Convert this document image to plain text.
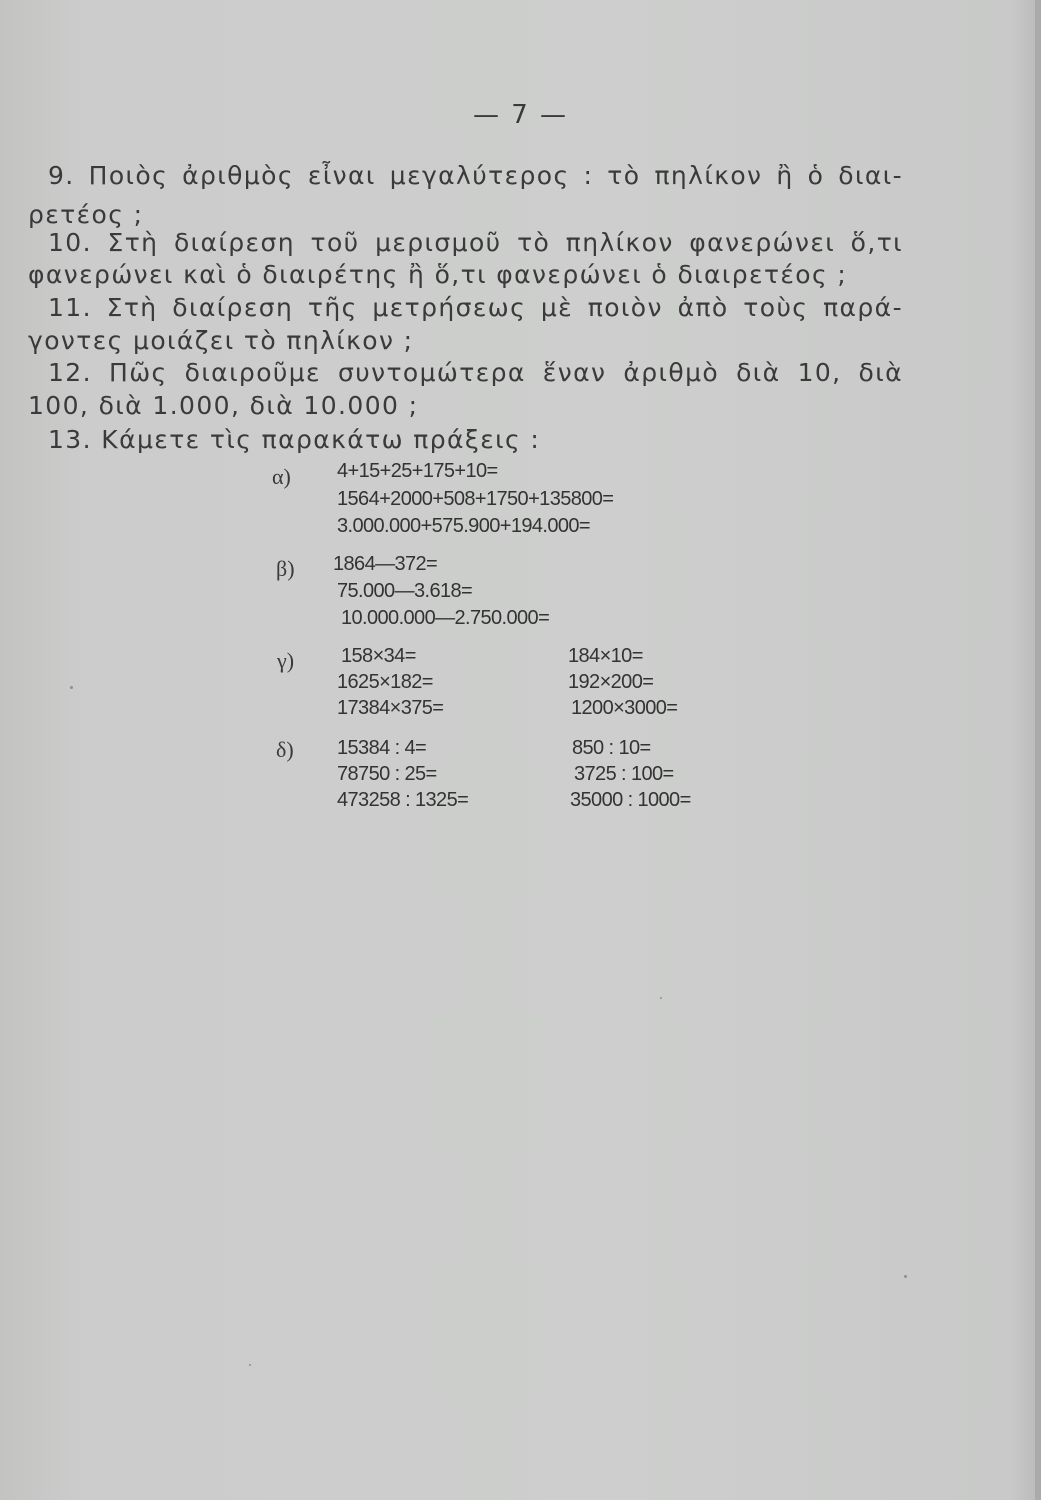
— 7 —
9. Ποιὸς ἀριθμὸς εἶναι μεγαλύτερος : τὸ πηλίκον ἢ ὁ διαι-
ρετέος ;
10. Στὴ διαίρεση τοῦ μερισμοῦ τὸ πηλίκον φανερώνει ὅ,τι
φανερώνει καὶ ὁ διαιρέτης ἢ ὅ,τι φανερώνει ὁ διαιρετέος ;
11. Στὴ διαίρεση τῆς μετρήσεως μὲ ποιὸν ἀπὸ τοὺς παρά-
γοντες μοιάζει τὸ πηλίκον ;
12. Πῶς διαιροῦμε συντομώτερα ἕναν ἀριθμὸ διὰ 10, διὰ
100, διὰ 1.000, διὰ 10.000 ;
13. Κάμετε τὶς παρακάτω πράξεις :
α) 4+15+25+175+10=
1564+2000+508+1750+135800=
3.000.000+575.900+194.000=
β) 1864—372=
75.000—3.618=
10.000.000—2.750.000=
γ) 158×34=
1625×182=
17384×375=
184×10=
192×200=
1200×3000=
δ) 15384 : 4=
78750 : 25=
473258 : 1325=
850 : 10=
3725 : 100=
35000 : 1000=
